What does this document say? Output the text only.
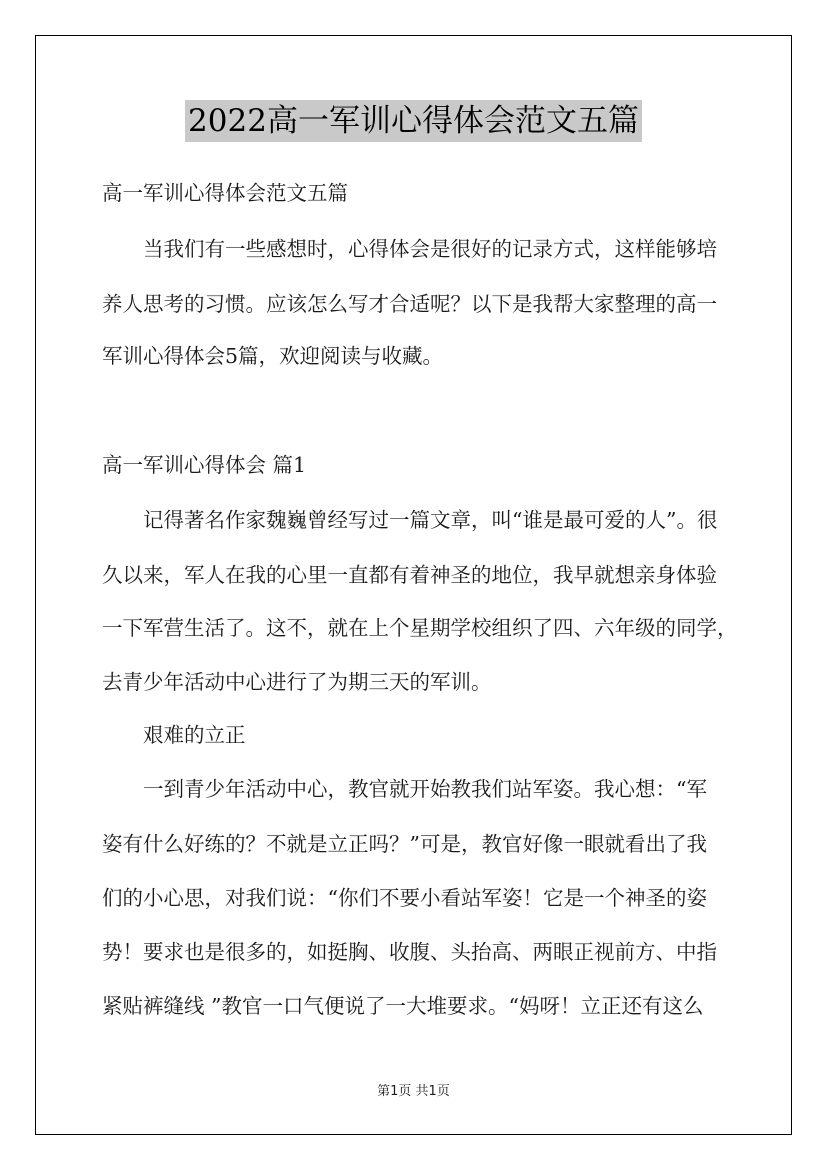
2022高一军训心得体会范文五篇
高一军训心得体会范文五篇
当我们有一些感想时，心得体会是很好的记录方式，这样能够培
养人思考的习惯。应该怎么写才合适呢？以下是我帮大家整理的高一
军训心得体会5篇，欢迎阅读与收藏。
高一军训心得体会 篇1
记得著名作家魏巍曾经写过一篇文章，叫“谁是最可爱的人”。很
久以来，军人在我的心里一直都有着神圣的地位，我早就想亲身体验
一下军营生活了。这不，就在上个星期学校组织了四、六年级的同学，
去青少年活动中心进行了为期三天的军训。
艰难的立正
一到青少年活动中心，教官就开始教我们站军姿。我心想：“军
姿有什么好练的？不就是立正吗？”可是，教官好像一眼就看出了我
们的小心思，对我们说：“你们不要小看站军姿！它是一个神圣的姿
势！要求也是很多的，如挺胸、收腹、头抬高、两眼正视前方、中指
紧贴裤缝线 ”教官一口气便说了一大堆要求。“妈呀！立正还有这么
第1页 共1页
